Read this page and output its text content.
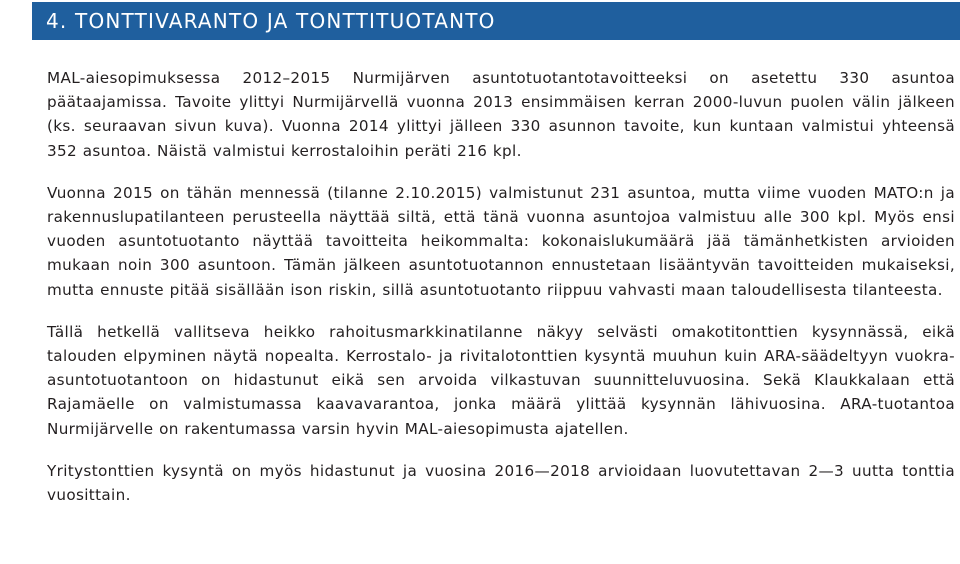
4. TONTTIVARANTO JA TONTTITUOTANTO

MAL-aiesopimuksessa 2012–2015 Nurmijärven asuntotuotantotavoitteeksi on asetettu 330 asuntoa päätaajamissa. Tavoite ylittyi Nurmijärvellä vuonna 2013 ensimmäisen kerran 2000-luvun puolen välin jälkeen (ks. seuraavan sivun kuva). Vuonna 2014 ylittyi jälleen 330 asunnon tavoite, kun kuntaan valmistui yhteensä 352 asuntoa. Näistä valmistui kerrostaloihin peräti 216 kpl.

Vuonna 2015 on tähän mennessä (tilanne 2.10.2015) valmistunut 231 asuntoa, mutta viime vuoden MATO:n ja rakennuslupatilanteen perusteella näyttää siltä, että tänä vuonna asuntojoa valmistuu alle 300 kpl. Myös ensi vuoden asuntotuotanto näyttää tavoitteita heikommalta: kokonaislukumäärä jää tämänhetkisten arvioiden mukaan noin 300 asuntoon. Tämän jälkeen asuntotuotannon ennustetaan lisääntyvän tavoitteiden mukaiseksi, mutta ennuste pitää sisällään ison riskin, sillä asuntotuotanto riippuu vahvasti maan taloudellisesta tilanteesta.

Tällä hetkellä vallitseva heikko rahoitusmarkkinatilanne näkyy selvästi omakotitonttien kysynnässä, eikä talouden elpyminen näytä nopealta. Kerrostalo- ja rivitalotonttien kysyntä muuhun kuin ARA-säädeltyyn vuokra-asuntotuotantoon on hidastunut eikä sen arvoida vilkastuvan suunnitteluvuosina. Sekä Klaukkalaan että Rajamäelle on valmistumassa kaavavarantoa, jonka määrä ylittää kysynnän lähivuosina. ARA-tuotantoa Nurmijärvelle on rakentumassa varsin hyvin MAL-aiesopimusta ajatellen.

Yritystonttien kysyntä on myös hidastunut ja vuosina 2016—2018 arvioidaan luovutettavan 2—3 uutta tonttia vuosittain.
